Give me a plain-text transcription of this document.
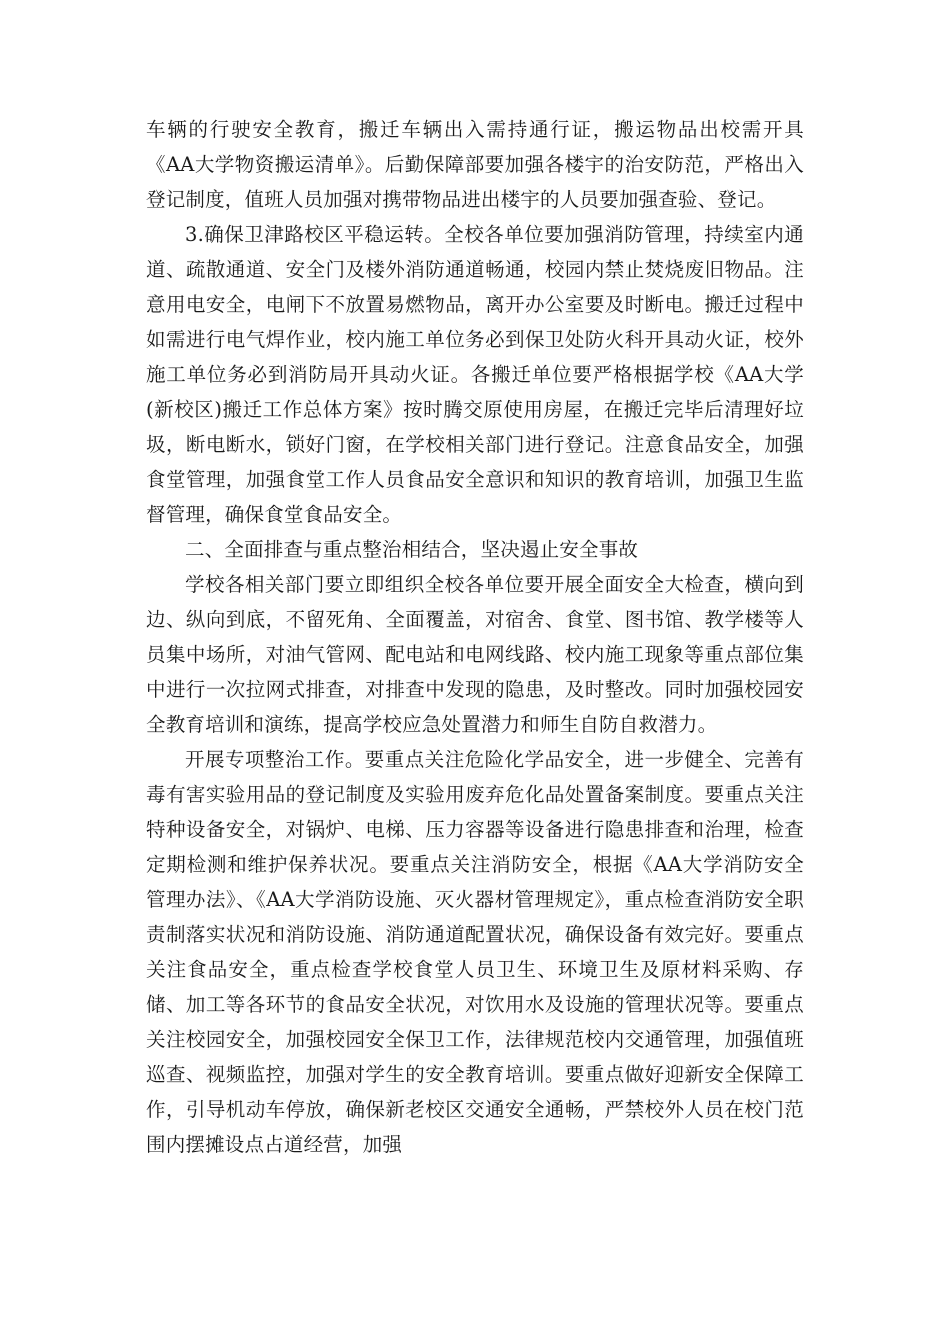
车辆的行驶安全教育，搬迁车辆出入需持通行证，搬运物品出校需开具《AA大学物资搬运清单》。后勤保障部要加强各楼宇的治安防范，严格出入登记制度，值班人员加强对携带物品进出楼宇的人员要加强查验、登记。

3.确保卫津路校区平稳运转。全校各单位要加强消防管理，持续室内通道、疏散通道、安全门及楼外消防通道畅通，校园内禁止焚烧废旧物品。注意用电安全，电闸下不放置易燃物品，离开办公室要及时断电。搬迁过程中如需进行电气焊作业，校内施工单位务必到保卫处防火科开具动火证，校外施工单位务必到消防局开具动火证。各搬迁单位要严格根据学校《AA大学(新校区)搬迁工作总体方案》按时腾交原使用房屋，在搬迁完毕后清理好垃圾，断电断水，锁好门窗，在学校相关部门进行登记。注意食品安全，加强食堂管理，加强食堂工作人员食品安全意识和知识的教育培训，加强卫生监督管理，确保食堂食品安全。

二、全面排查与重点整治相结合，坚决遏止安全事故

学校各相关部门要立即组织全校各单位要开展全面安全大检查，横向到边、纵向到底，不留死角、全面覆盖，对宿舍、食堂、图书馆、教学楼等人员集中场所，对油气管网、配电站和电网线路、校内施工现象等重点部位集中进行一次拉网式排查，对排查中发现的隐患，及时整改。同时加强校园安全教育培训和演练，提高学校应急处置潜力和师生自防自救潜力。

开展专项整治工作。要重点关注危险化学品安全，进一步健全、完善有毒有害实验用品的登记制度及实验用废弃危化品处置备案制度。要重点关注特种设备安全，对锅炉、电梯、压力容器等设备进行隐患排查和治理，检查定期检测和维护保养状况。要重点关注消防安全，根据《AA大学消防安全管理办法》、《AA大学消防设施、灭火器材管理规定》，重点检查消防安全职责制落实状况和消防设施、消防通道配置状况，确保设备有效完好。要重点关注食品安全，重点检查学校食堂人员卫生、环境卫生及原材料采购、存储、加工等各环节的食品安全状况，对饮用水及设施的管理状况等。要重点关注校园安全，加强校园安全保卫工作，法律规范校内交通管理，加强值班巡查、视频监控，加强对学生的安全教育培训。要重点做好迎新安全保障工作，引导机动车停放，确保新老校区交通安全通畅，严禁校外人员在校门范围内摆摊设点占道经营，加强
